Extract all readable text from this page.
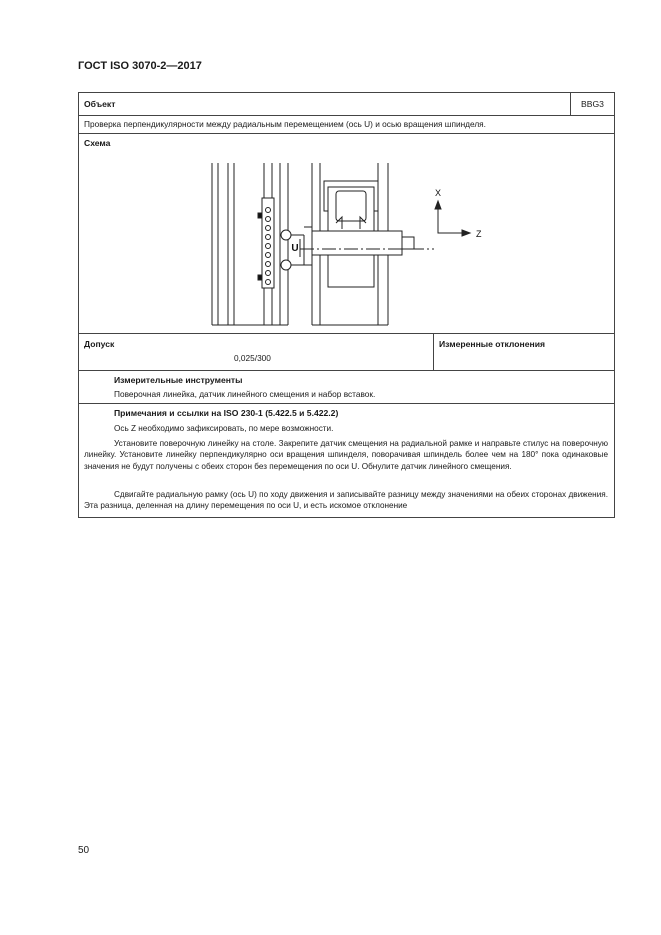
ГОСТ ISO 3070-2—2017
Объект	BBG3
Проверка перпендикулярности между радиальным перемещением (ось U) и осью вращения шпинделя.
Схема
U
X
Z
Допуск
0,025/300
Измеренные отклонения
Измерительные инструменты
Поверочная линейка, датчик линейного смещения и набор вставок.
Примечания и ссылки на ISO 230-1 (5.422.5 и 5.422.2)
Ось Z необходимо зафиксировать, по мере возможности.
Установите поверочную линейку на столе. Закрепите датчик смещения на радиальной рамке и направьте стилус на поверочную линейку. Установите линейку перпендикулярно оси вращения шпинделя, поворачивая шпиндель более чем на 180° пока одинаковые значения не будут получены с обеих сторон без перемещения по оси U. Обнулите датчик линейного смещения.
Сдвигайте радиальную рамку (ось U) по ходу движения и записывайте разницу между значениями на обеих сторонах движения. Эта разница, деленная на длину перемещения по оси U, и есть искомое отклонение
50
